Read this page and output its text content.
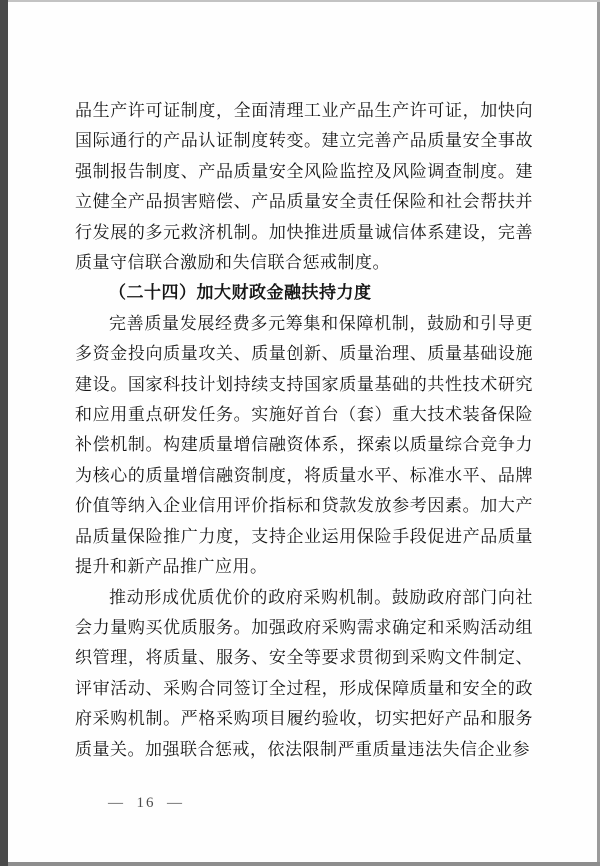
品生产许可证制度，全面清理工业产品生产许可证，加快向国际通行的产品认证制度转变。建立完善产品质量安全事故强制报告制度、产品质量安全风险监控及风险调查制度。建立健全产品损害赔偿、产品质量安全责任保险和社会帮扶并行发展的多元救济机制。加快推进质量诚信体系建设，完善质量守信联合激励和失信联合惩戒制度。

（二十四）加大财政金融扶持力度

完善质量发展经费多元筹集和保障机制，鼓励和引导更多资金投向质量攻关、质量创新、质量治理、质量基础设施建设。国家科技计划持续支持国家质量基础的共性技术研究和应用重点研发任务。实施好首台（套）重大技术装备保险补偿机制。构建质量增信融资体系，探索以质量综合竞争力为核心的质量增信融资制度，将质量水平、标准水平、品牌价值等纳入企业信用评价指标和贷款发放参考因素。加大产品质量保险推广力度，支持企业运用保险手段促进产品质量提升和新产品推广应用。

推动形成优质优价的政府采购机制。鼓励政府部门向社会力量购买优质服务。加强政府采购需求确定和采购活动组织管理，将质量、服务、安全等要求贯彻到采购文件制定、评审活动、采购合同签订全过程，形成保障质量和安全的政府采购机制。严格采购项目履约验收，切实把好产品和服务质量关。加强联合惩戒，依法限制严重质量违法失信企业参

—  16  —
